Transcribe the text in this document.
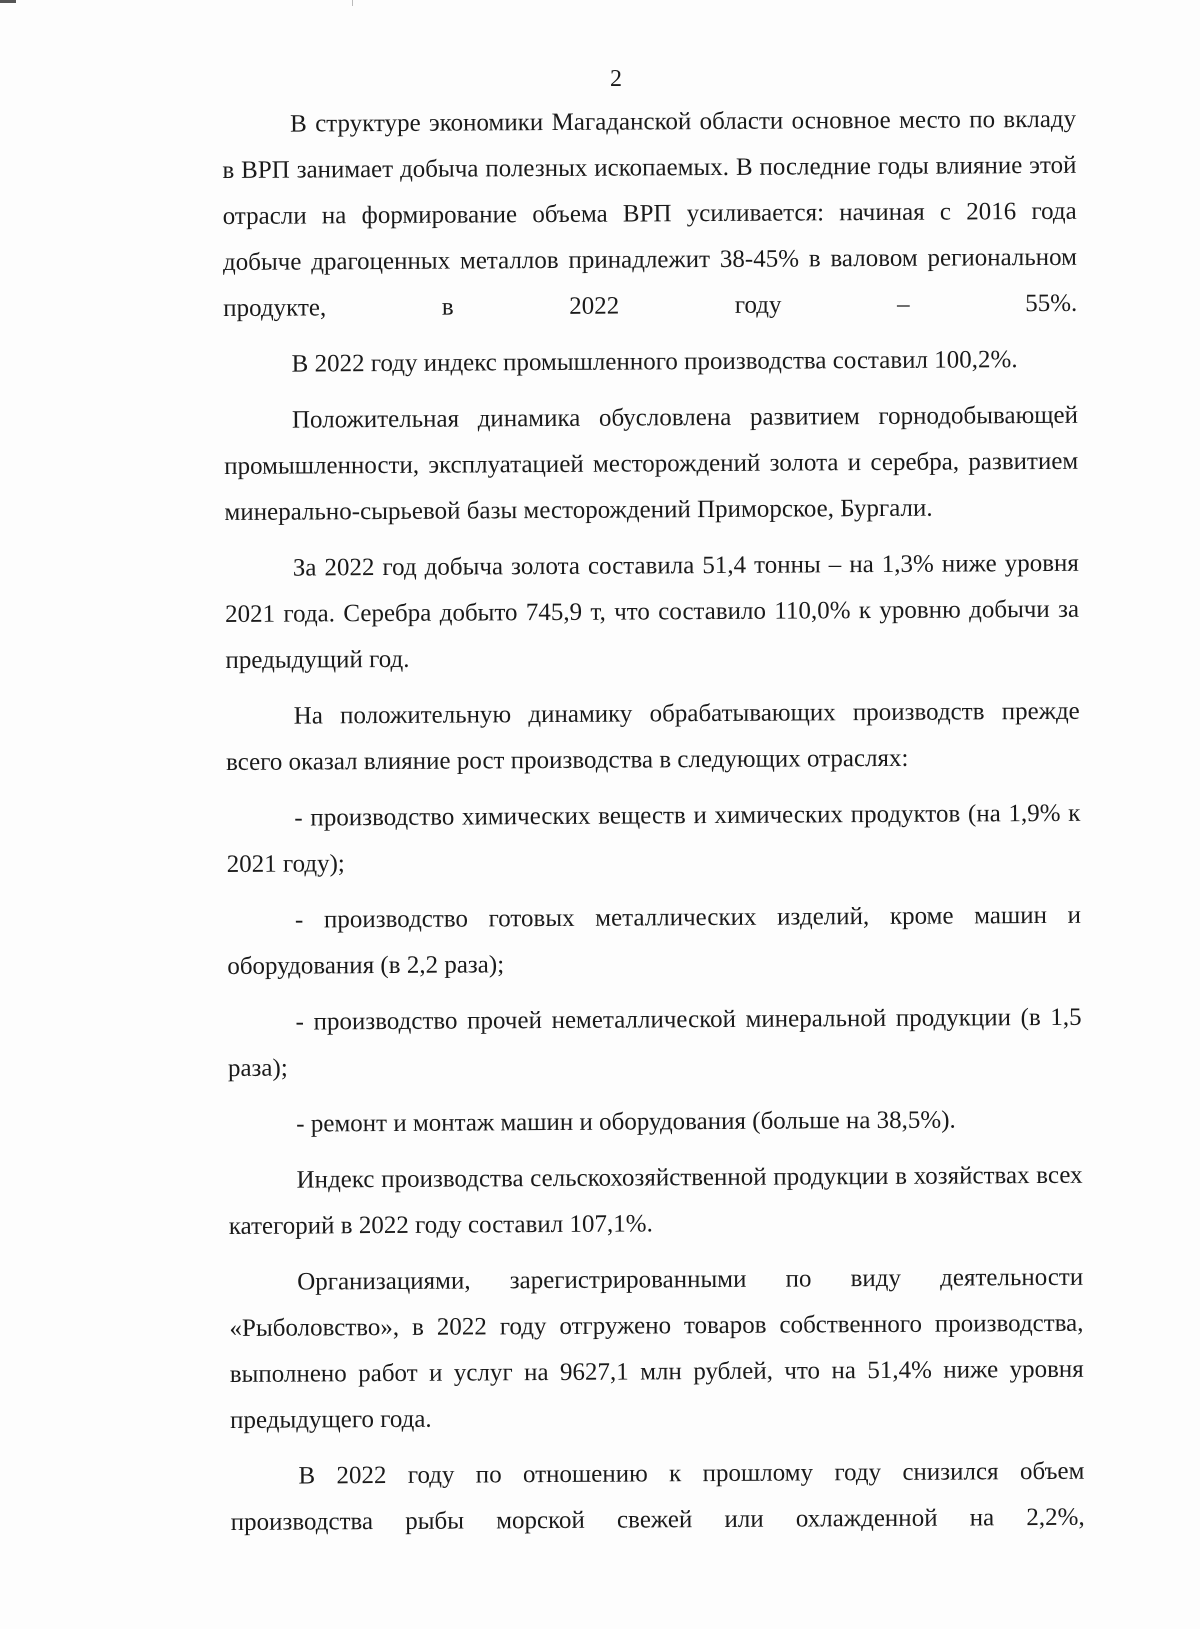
2

В структуре экономики Магаданской области основное место по вкладу в ВРП занимает добыча полезных ископаемых. В последние годы влияние этой отрасли на формирование объема ВРП усиливается: начиная с 2016 года добыче драгоценных металлов принадлежит 38-45% в валовом региональном продукте, в 2022 году – 55%.

В 2022 году индекс промышленного производства составил 100,2%.

Положительная динамика обусловлена развитием горнодобывающей промышленности, эксплуатацией месторождений золота и серебра, развитием минерально-сырьевой базы месторождений Приморское, Бургали.

За 2022 год добыча золота составила 51,4 тонны – на 1,3% ниже уровня 2021 года. Серебра добыто 745,9 т, что составило 110,0% к уровню добычи за предыдущий год.

На положительную динамику обрабатывающих производств прежде всего оказал влияние рост производства в следующих отраслях:

- производство химических веществ и химических продуктов (на 1,9% к 2021 году);

- производство готовых металлических изделий, кроме машин и оборудования (в 2,2 раза);

- производство прочей неметаллической минеральной продукции (в 1,5 раза);

- ремонт и монтаж машин и оборудования (больше на 38,5%).

Индекс производства сельскохозяйственной продукции в хозяйствах всех категорий в 2022 году составил 107,1%.

Организациями, зарегистрированными по виду деятельности «Рыболовство», в 2022 году отгружено товаров собственного производства, выполнено работ и услуг на 9627,1 млн рублей, что на 51,4% ниже уровня предыдущего года.

В 2022 году по отношению к прошлому году снизился объем производства рыбы морской свежей или охлажденной на 2,2%,
